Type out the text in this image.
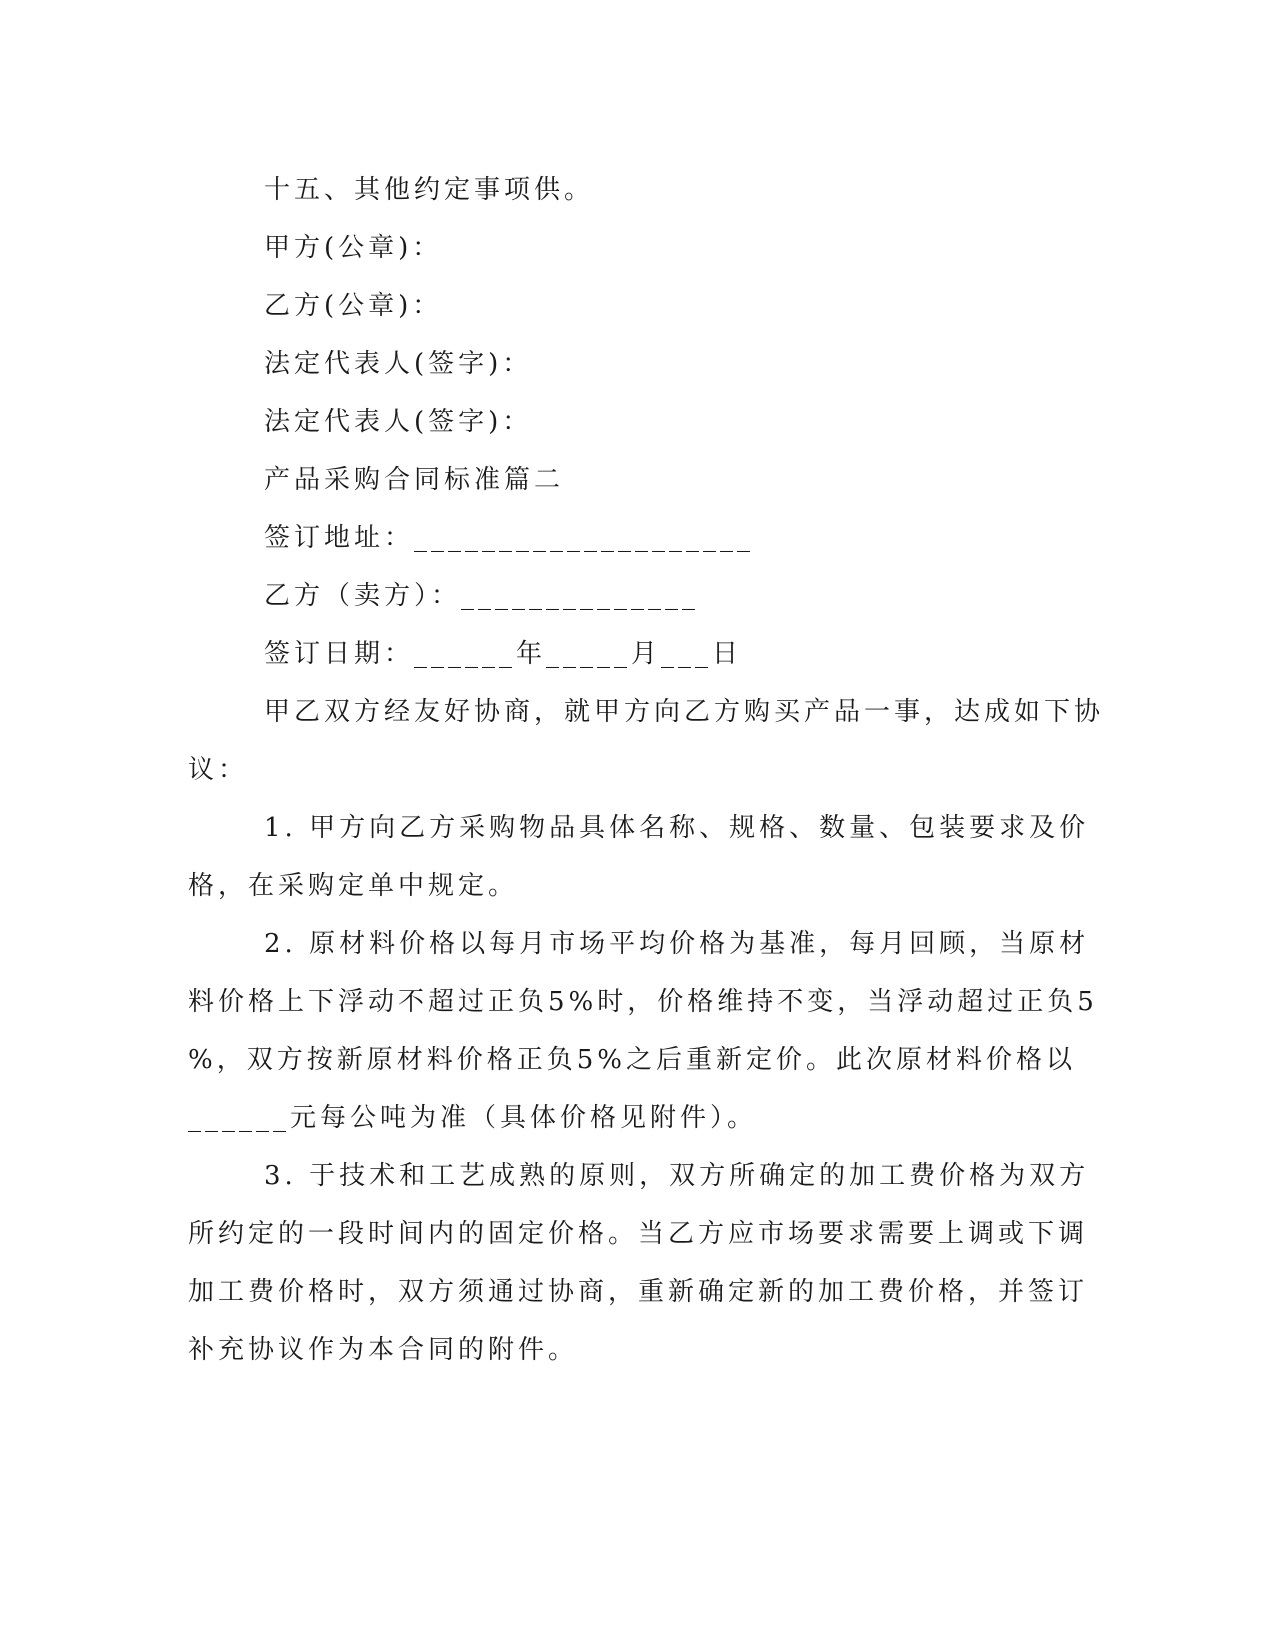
十五、其他约定事项供。
甲方(公章)：
乙方(公章)：
法定代表人(签字)：
法定代表人(签字)：
产品采购合同标准篇二
签订地址：____________________
乙方（卖方）：______________
签订日期：______年_____月___日
甲乙双方经友好协商，就甲方向乙方购买产品一事，达成如下协
议：
1. 甲方向乙方采购物品具体名称、规格、数量、包装要求及价
格，在采购定单中规定。
2. 原材料价格以每月市场平均价格为基准，每月回顾，当原材
料价格上下浮动不超过正负5%时，价格维持不变，当浮动超过正负5
%，双方按新原材料价格正负5%之后重新定价。此次原材料价格以
______元每公吨为准（具体价格见附件）。
3. 于技术和工艺成熟的原则，双方所确定的加工费价格为双方
所约定的一段时间内的固定价格。当乙方应市场要求需要上调或下调
加工费价格时，双方须通过协商，重新确定新的加工费价格，并签订
补充协议作为本合同的附件。
